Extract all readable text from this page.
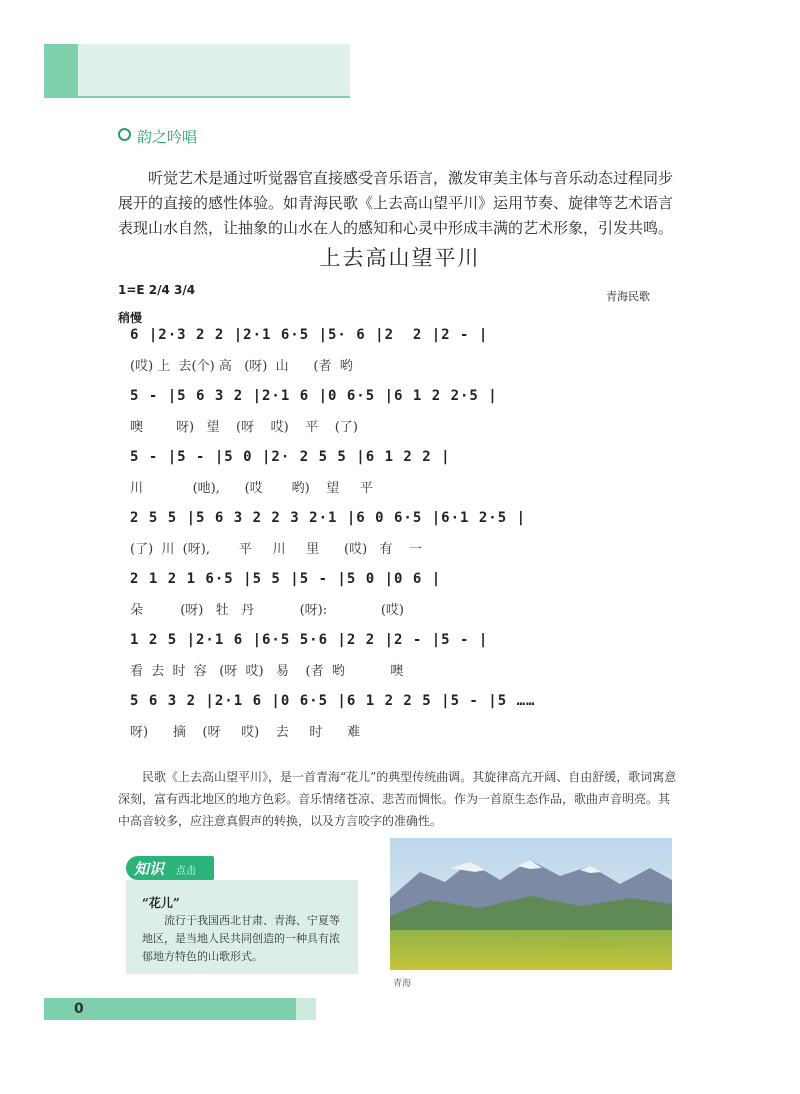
韵之吟唱

听觉艺术是通过听觉器官直接感受音乐语言，激发审美主体与音乐动态过程同步展开的直接的感性体验。如青海民歌《上去高山望平川》运用节奏、旋律等艺术语言表现山水自然，让抽象的山水在人的感知和心灵中形成丰满的艺术形象，引发共鸣。

上去高山望平川
1=E 2/4 3/4	青海民歌
稍慢
6 |2·3 2 2 |2·1 6·5 |5· 6 |2  2 |2 - |
(哎) 上  去(个) 高   (呀)  山      (者  哟
5 - |5 6 3 2 |2·1 6 |0 6·5 |6 1 2 2·5 |
噢        呀)   望    (呀    哎)    平    (了)
5 - |5 - |5 0 |2· 2 5 5 |6 1 2 2 |
川            (吔),      (哎       哟)    望     平
2 5 5 |5 6 3 2 2 3 2·1 |6 0 6·5 |6·1 2·5 |
(了)  川  (呀),       平     川     里      (哎)   有    一
2 1 2 1 6·5 |5 5 |5 - |5 0 |0 6 |
朵         (呀)   牡   丹           (呀):             (哎)
1 2 5 |2·1 6 |6·5 5·6 |2 2 |2 - |5 - |
看  去  时  容   (呀  哎)   易    (者  哟           噢
5 6 3 2 |2·1 6 |0 6·5 |6 1 2 2 5 |5 - |5 ……
呀)      摘    (呀     哎)    去     时      难

民歌《上去高山望平川》，是一首青海“花儿”的典型传统曲调。其旋律高亢开阔、自由舒缓，歌词寓意深刻，富有西北地区的地方色彩。音乐情绪苍凉、悲苦而惆怅。作为一首原生态作品，歌曲声音明亮。其中高音较多，应注意真假声的转换，以及方言咬字的准确性。

知识 点击
“花儿”
流行于我国西北甘肃、青海、宁夏等地区，是当地人民共同创造的一种具有浓郁地方特色的山歌形式。
青海
0
